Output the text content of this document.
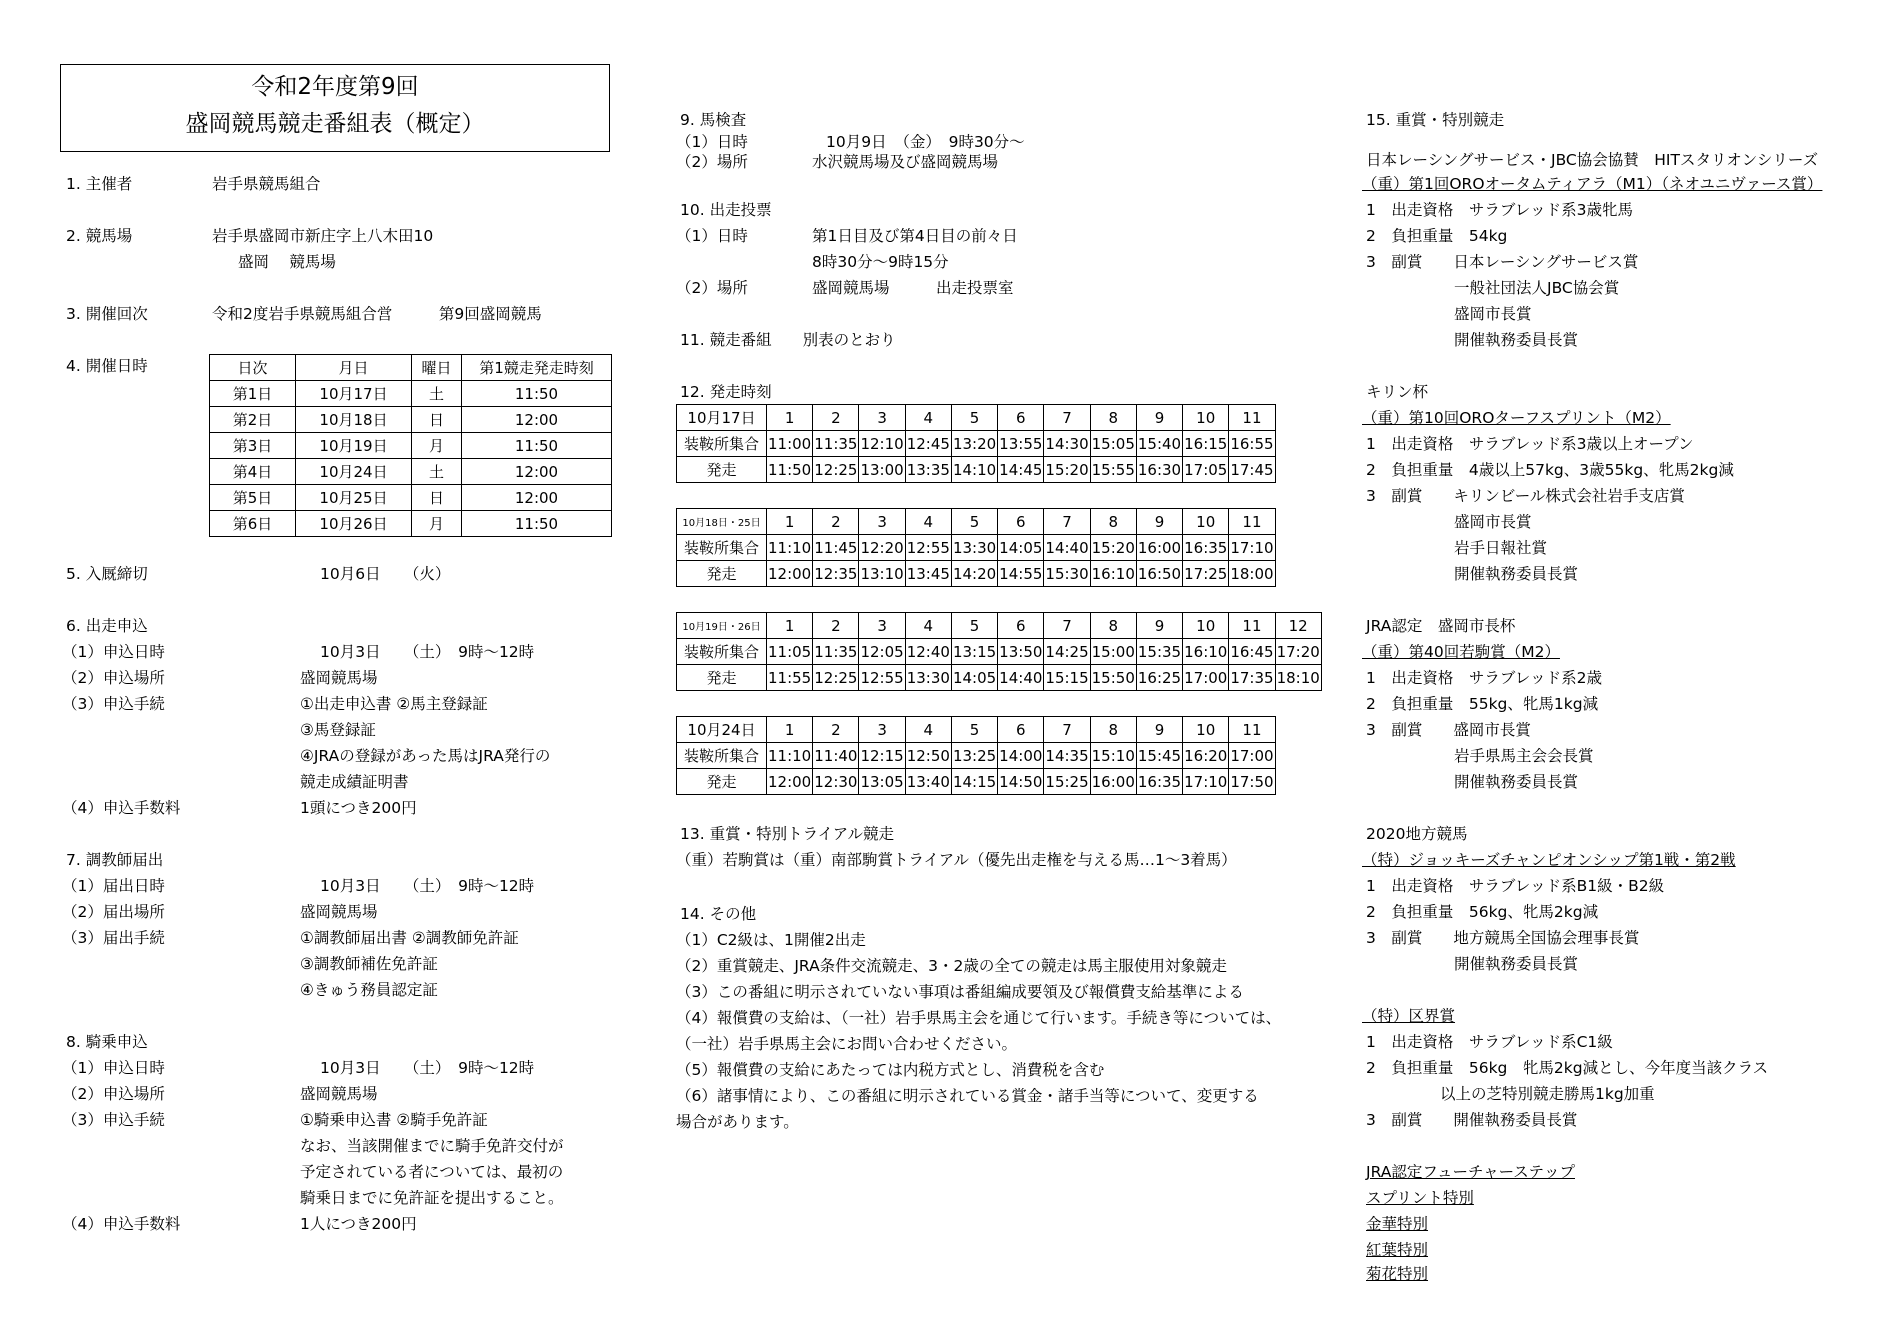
令和2年度第9回
盛岡競馬競走番組表（概定）
1. 主催者	岩手県競馬組合
2. 競馬場	岩手県盛岡市新庄字上八木田10
盛岡　 競馬場
3. 開催回次	令和2度岩手県競馬組合営　　　第9回盛岡競馬
4. 開催日時
5. 入厩締切	10月6日　　（火）
6. 出走申込
（1）申込日時	10月3日　　（土）　9時～12時
（2）申込場所	盛岡競馬場
（3）申込手続	①出走申込書 ②馬主登録証
③馬登録証
④JRAの登録があった馬はJRA発行の
競走成績証明書
（4）申込手数料	1頭につき200円
7. 調教師届出
（1）届出日時	10月3日　　（土）　9時～12時
（2）届出場所	盛岡競馬場
（3）届出手続	①調教師届出書 ②調教師免許証
③調教師補佐免許証
④きゅう務員認定証
8. 騎乗申込
（1）申込日時	10月3日　　（土）　9時～12時
（2）申込場所	盛岡競馬場
（3）申込手続	①騎乗申込書 ②騎手免許証
なお、当該開催までに騎手免許交付が
予定されている者については、最初の
騎乗日までに免許証を提出すること。
（4）申込手数料	1人につき200円
9. 馬検査
（1）日時	10月9日　（金）　9時30分～
（2）場所	水沢競馬場及び盛岡競馬場
10. 出走投票
（1）日時	第1日目及び第4日目の前々日
8時30分～9時15分
（2）場所	盛岡競馬場　　　出走投票室
11. 競走番組　　別表のとおり
12. 発走時刻
13. 重賞・特別トライアル競走
（重）若駒賞は（重）南部駒賞トライアル（優先出走権を与える馬…1～3着馬）
14. その他
（1）C2級は、1開催2出走
（2）重賞競走、JRA条件交流競走、3・2歳の全ての競走は馬主服使用対象競走
（3）この番組に明示されていない事項は番組編成要領及び報償費支給基準による
（4）報償費の支給は、（一社）岩手県馬主会を通じて行います。手続き等については、
（一社）岩手県馬主会にお問い合わせください。
（5）報償費の支給にあたっては内税方式とし、消費税を含む
（6）諸事情により、この番組に明示されている賞金・諸手当等について、変更する
場合があります。
15. 重賞・特別競走
日本レーシングサービス・JBC協会協賛　HITスタリオンシリーズ
（重）第1回OROオータムティアラ（M1）（ネオユニヴァース賞）
1　出走資格　サラブレッド系3歳牝馬
2　負担重量　54kg
3　副賞　　日本レーシングサービス賞
一般社団法人JBC協会賞
盛岡市長賞
開催執務委員長賞
キリン杯
（重）第10回OROターフスプリント（M2）
1　出走資格　サラブレッド系3歳以上オープン
2　負担重量　4歳以上57kg、3歳55kg、牝馬2kg減
3　副賞　　キリンビール株式会社岩手支店賞
盛岡市長賞
岩手日報社賞
開催執務委員長賞
JRA認定　盛岡市長杯
（重）第40回若駒賞（M2）
1　出走資格　サラブレッド系2歳
2　負担重量　55kg、牝馬1kg減
3　副賞　　盛岡市長賞
岩手県馬主会会長賞
開催執務委員長賞
2020地方競馬
（特）ジョッキーズチャンピオンシップ第1戦・第2戦
1　出走資格　サラブレッド系B1級・B2級
2　負担重量　56kg、牝馬2kg減
3　副賞　　地方競馬全国協会理事長賞
開催執務委員長賞
（特）区界賞
1　出走資格　サラブレッド系C1級
2　負担重量　56kg　牝馬2kg減とし、今年度当該クラス
以上の芝特別競走勝馬1kg加重
3　副賞　　開催執務委員長賞
JRA認定フューチャーステップ
スプリント特別
金華特別
紅葉特別
菊花特別
日次	月日	曜日	第1競走発走時刻
第1日	10月17日	土	11:50
第2日	10月18日	日	12:00
第3日	10月19日	月	11:50
第4日	10月24日	土	12:00
第5日	10月25日	日	12:00
第6日	10月26日	月	11:50
10月17日	1	2	3	4	5	6	7	8	9	10	11
装鞍所集合	11:00	11:35	12:10	12:45	13:20	13:55	14:30	15:05	15:40	16:15	16:55
発走	11:50	12:25	13:00	13:35	14:10	14:45	15:20	15:55	16:30	17:05	17:45
10月18日・25日	1	2	3	4	5	6	7	8	9	10	11
装鞍所集合	11:10	11:45	12:20	12:55	13:30	14:05	14:40	15:20	16:00	16:35	17:10
発走	12:00	12:35	13:10	13:45	14:20	14:55	15:30	16:10	16:50	17:25	18:00
10月19日・26日	1	2	3	4	5	6	7	8	9	10	11	12
装鞍所集合	11:05	11:35	12:05	12:40	13:15	13:50	14:25	15:00	15:35	16:10	16:45	17:20
発走	11:55	12:25	12:55	13:30	14:05	14:40	15:15	15:50	16:25	17:00	17:35	18:10
10月24日	1	2	3	4	5	6	7	8	9	10	11
装鞍所集合	11:10	11:40	12:15	12:50	13:25	14:00	14:35	15:10	15:45	16:20	17:00
発走	12:00	12:30	13:05	13:40	14:15	14:50	15:25	16:00	16:35	17:10	17:50
